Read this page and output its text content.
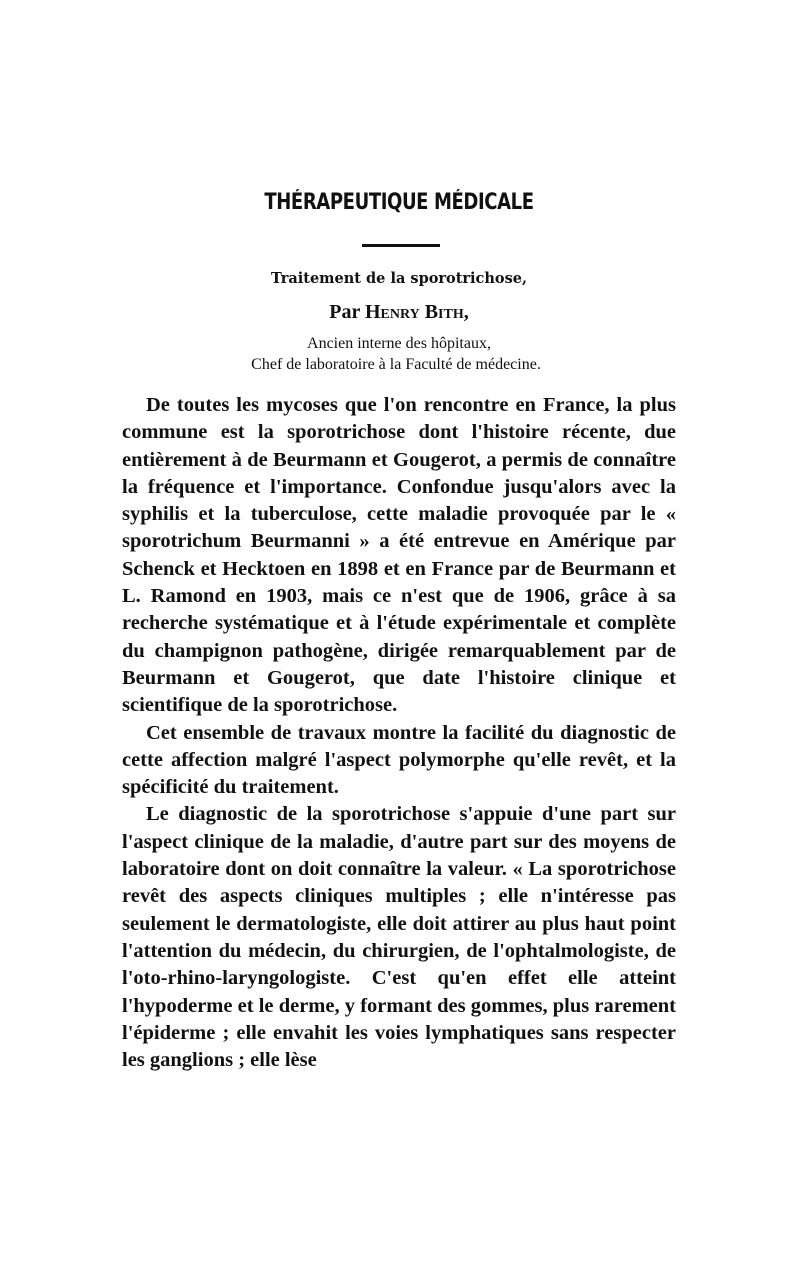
THÉRAPEUTIQUE MÉDICALE
Traitement de la sporotrichose,
Par Henry Bith,
Ancien interne des hôpitaux,
Chef de laboratoire à la Faculté de médecine.

De toutes les mycoses que l'on rencontre en France, la plus commune est la sporotrichose dont l'histoire récente, due entièrement à de Beurmann et Gougerot, a permis de connaître la fréquence et l'importance. Confondue jusqu'alors avec la syphilis et la tuberculose, cette maladie provoquée par le « sporotrichum Beurmanni » a été entrevue en Amérique par Schenck et Hecktoen en 1898 et en France par de Beurmann et L. Ramond en 1903, mais ce n'est que de 1906, grâce à sa recherche systématique et à l'étude expérimentale et complète du champignon pathogène, dirigée remarquablement par de Beurmann et Gougerot, que date l'histoire clinique et scientifique de la sporotrichose.

Cet ensemble de travaux montre la facilité du diagnostic de cette affection malgré l'aspect polymorphe qu'elle revêt, et la spécificité du traitement.

Le diagnostic de la sporotrichose s'appuie d'une part sur l'aspect clinique de la maladie, d'autre part sur des moyens de laboratoire dont on doit connaître la valeur. « La sporotrichose revêt des aspects cliniques multiples ; elle n'intéresse pas seulement le dermatologiste, elle doit attirer au plus haut point l'attention du médecin, du chirurgien, de l'ophtalmologiste, de l'oto-rhino-laryngologiste. C'est qu'en effet elle atteint l'hypoderme et le derme, y formant des gommes, plus rarement l'épiderme ; elle envahit les voies lymphatiques sans respecter les ganglions ; elle lèse
